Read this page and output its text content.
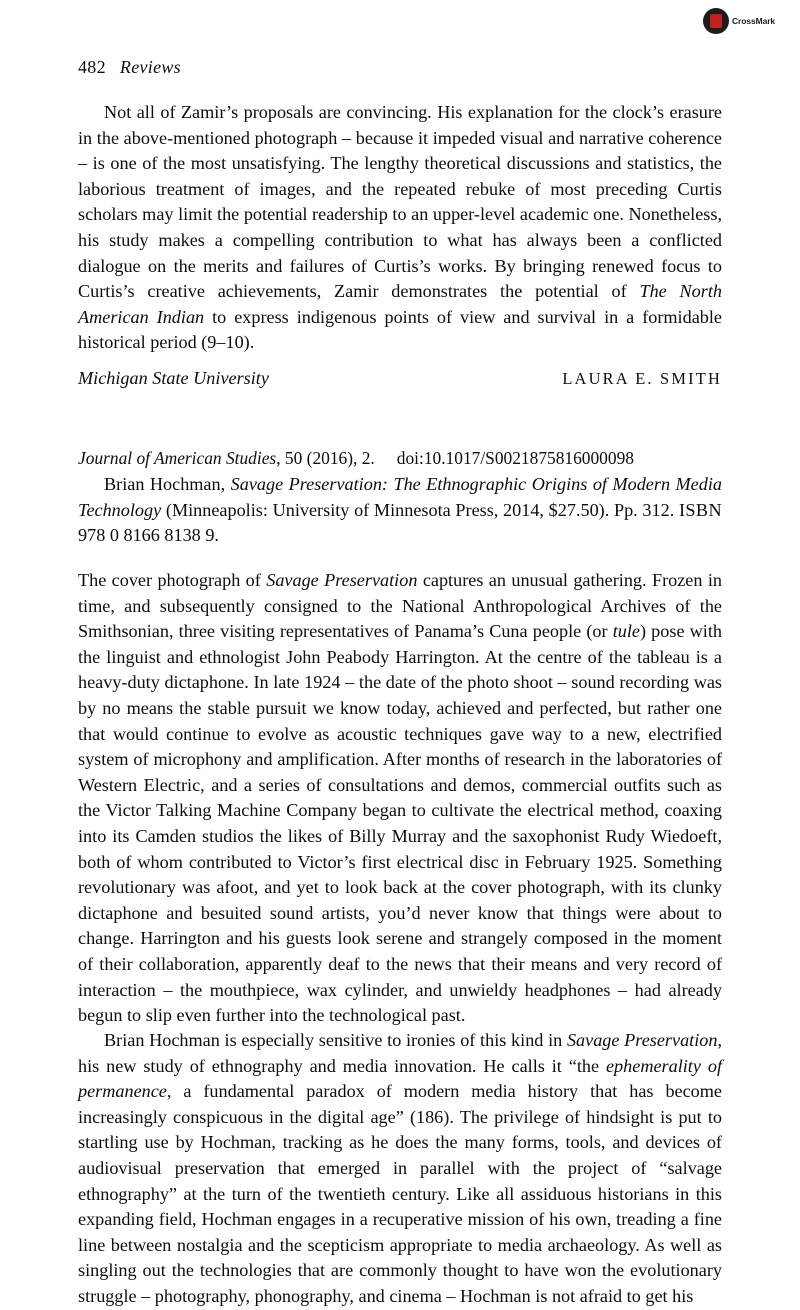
CrossMark
482 Reviews

Not all of Zamir’s proposals are convincing. His explanation for the clock’s erasure in the above-mentioned photograph – because it impeded visual and narrative coherence – is one of the most unsatisfying. The lengthy theoretical discussions and statistics, the laborious treatment of images, and the repeated rebuke of most preceding Curtis scholars may limit the potential readership to an upper-level academic one. Nonetheless, his study makes a compelling contribution to what has always been a conflicted dialogue on the merits and failures of Curtis’s works. By bringing renewed focus to Curtis’s creative achievements, Zamir demonstrates the potential of The North American Indian to express indigenous points of view and survival in a formidable historical period (9–10).

Michigan State University	LAURA E. SMITH
Journal of American Studies, 50 (2016), 2. doi:10.1017/S0021875816000098

Brian Hochman, Savage Preservation: The Ethnographic Origins of Modern Media Technology (Minneapolis: University of Minnesota Press, 2014, $27.50). Pp. 312. ISBN 978 0 8166 8138 9.

The cover photograph of Savage Preservation captures an unusual gathering. Frozen in time, and subsequently consigned to the National Anthropological Archives of the Smithsonian, three visiting representatives of Panama’s Cuna people (or tule) pose with the linguist and ethnologist John Peabody Harrington. At the centre of the tableau is a heavy-duty dictaphone. In late 1924 – the date of the photo shoot – sound recording was by no means the stable pursuit we know today, achieved and perfected, but rather one that would continue to evolve as acoustic techniques gave way to a new, electrified system of microphony and amplification. After months of research in the laboratories of Western Electric, and a series of consultations and demos, commercial outfits such as the Victor Talking Machine Company began to cultivate the electrical method, coaxing into its Camden studios the likes of Billy Murray and the saxophonist Rudy Wiedoeft, both of whom contributed to Victor’s first electrical disc in February 1925. Something revolutionary was afoot, and yet to look back at the cover photograph, with its clunky dictaphone and besuited sound artists, you’d never know that things were about to change. Harrington and his guests look serene and strangely composed in the moment of their collaboration, apparently deaf to the news that their means and very record of interaction – the mouthpiece, wax cylinder, and unwieldy headphones – had already begun to slip even further into the technological past.

Brian Hochman is especially sensitive to ironies of this kind in Savage Preservation, his new study of ethnography and media innovation. He calls it “the ephemerality of permanence, a fundamental paradox of modern media history that has become increasingly conspicuous in the digital age” (186). The privilege of hindsight is put to startling use by Hochman, tracking as he does the many forms, tools, and devices of audiovisual preservation that emerged in parallel with the project of “salvage ethnography” at the turn of the twentieth century. Like all assiduous historians in this expanding field, Hochman engages in a recuperative mission of his own, treading a fine line between nostalgia and the scepticism appropriate to media archaeology. As well as singling out the technologies that are commonly thought to have won the evolutionary struggle – photography, phonography, and cinema – Hochman is not afraid to get his
